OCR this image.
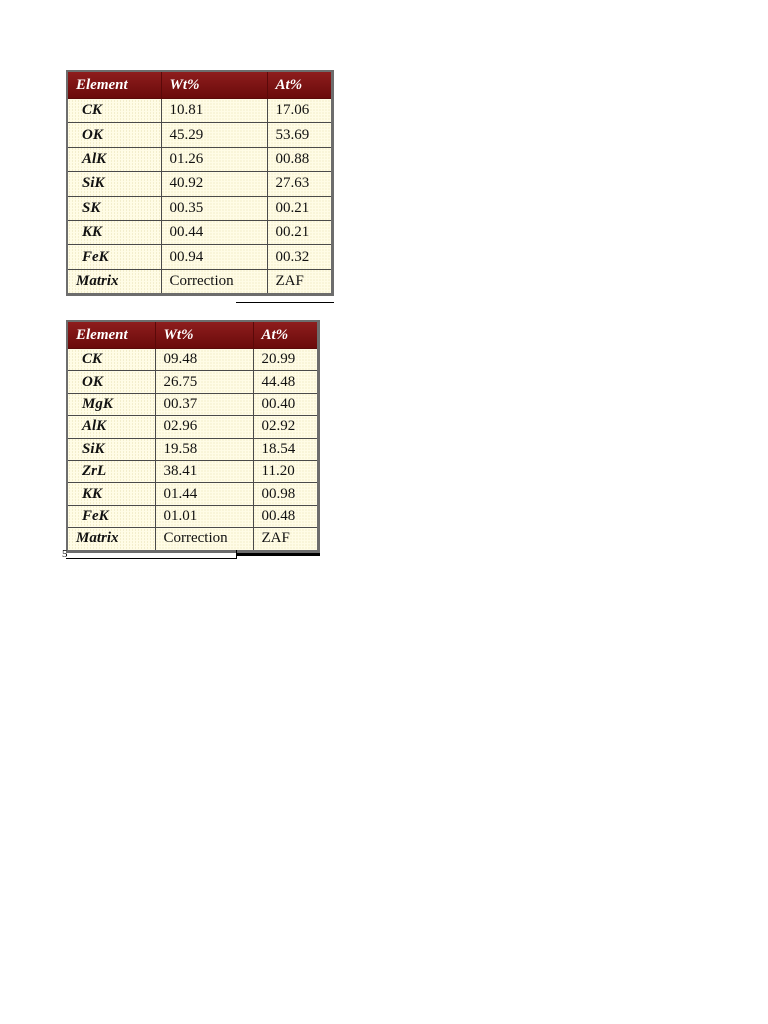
Element	Wt%	At%
CK	10.81	17.06
OK	45.29	53.69
AlK	01.26	00.88
SiK	40.92	27.63
SK	00.35	00.21
KK	00.44	00.21
FeK	00.94	00.32
Matrix	Correction	ZAF
Element	Wt%	At%
CK	09.48	20.99
OK	26.75	44.48
MgK	00.37	00.40
AlK	02.96	02.92
SiK	19.58	18.54
ZrL	38.41	11.20
KK	01.44	00.98
FeK	01.01	00.48
Matrix	Correction	ZAF
5
